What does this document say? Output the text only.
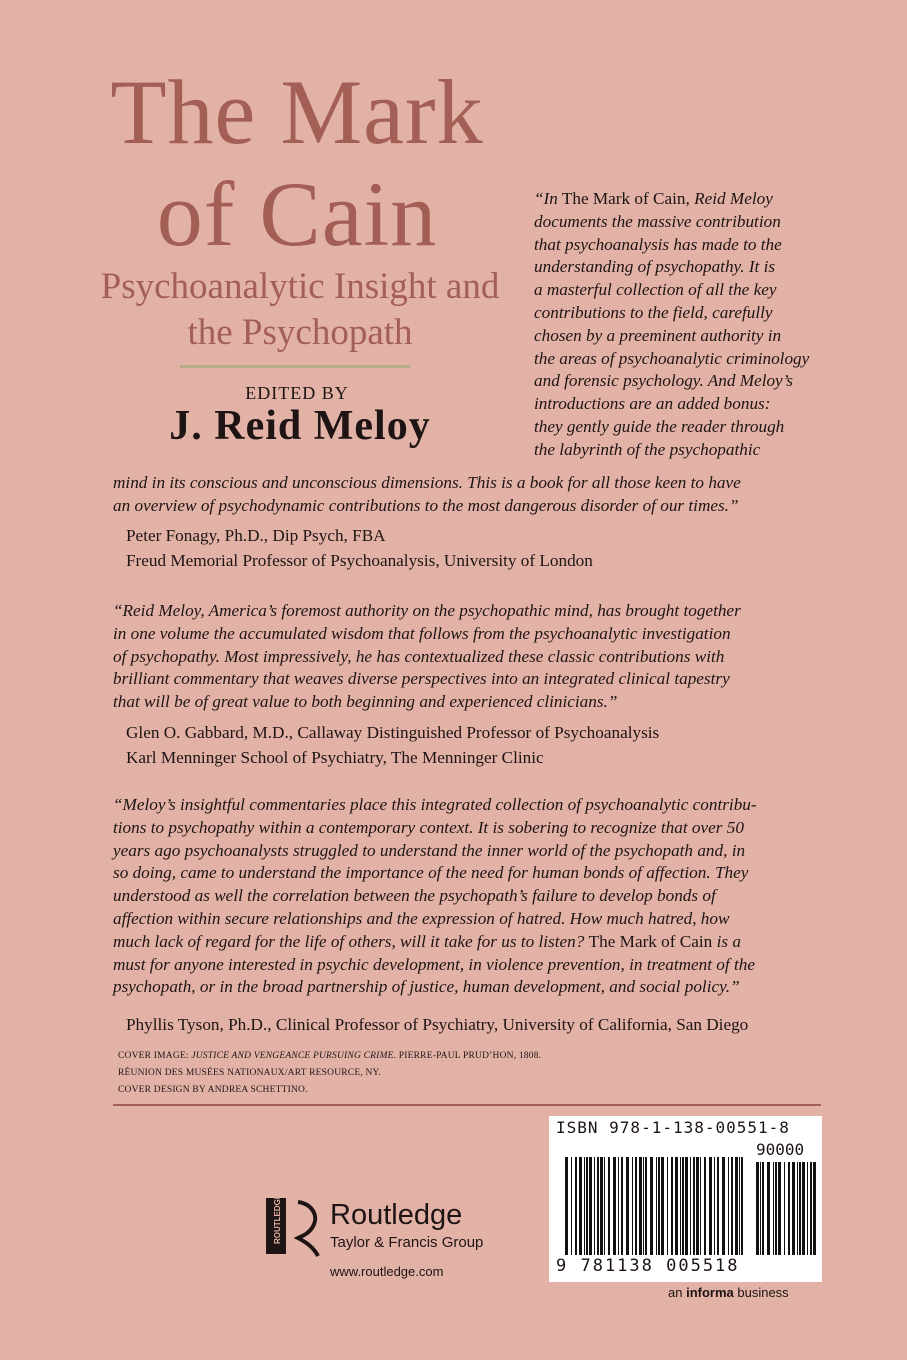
The Mark
of Cain
Psychoanalytic Insight and
the Psychopath
EDITED BY
J. Reid Meloy
“In The Mark of Cain, Reid Meloy
documents the massive contribution
that psychoanalysis has made to the
understanding of psychopathy. It is
a masterful collection of all the key
contributions to the field, carefully
chosen by a preeminent authority in
the areas of psychoanalytic criminology
and forensic psychology. And Meloy’s
introductions are an added bonus:
they gently guide the reader through
the labyrinth of the psychopathic
mind in its conscious and unconscious dimensions. This is a book for all those keen to have
an overview of psychodynamic contributions to the most dangerous disorder of our times.”
Peter Fonagy, Ph.D., Dip Psych, FBA
Freud Memorial Professor of Psychoanalysis, University of London
“Reid Meloy, America’s foremost authority on the psychopathic mind, has brought together
in one volume the accumulated wisdom that follows from the psychoanalytic investigation
of psychopathy. Most impressively, he has contextualized these classic contributions with
brilliant commentary that weaves diverse perspectives into an integrated clinical tapestry
that will be of great value to both beginning and experienced clinicians.”
Glen O. Gabbard, M.D., Callaway Distinguished Professor of Psychoanalysis
Karl Menninger School of Psychiatry, The Menninger Clinic
“Meloy’s insightful commentaries place this integrated collection of psychoanalytic contribu-
tions to psychopathy within a contemporary context. It is sobering to recognize that over 50
years ago psychoanalysts struggled to understand the inner world of the psychopath and, in
so doing, came to understand the importance of the need for human bonds of affection. They
understood as well the correlation between the psychopath’s failure to develop bonds of
affection within secure relationships and the expression of hatred. How much hatred, how
much lack of regard for the life of others, will it take for us to listen? The Mark of Cain is a
must for anyone interested in psychic development, in violence prevention, in treatment of the
psychopath, or in the broad partnership of justice, human development, and social policy.”
Phyllis Tyson, Ph.D., Clinical Professor of Psychiatry, University of California, San Diego
COVER IMAGE: JUSTICE AND VENGEANCE PURSUING CRIME. PIERRE-PAUL PRUD’HON, 1808.
RÉUNION DES MUSÉES NATIONAUX/ART RESOURCE, NY.
COVER DESIGN BY ANDREA SCHETTINO.
ISBN 978-1-138-00551-8
90000
9 781138 005518
ROUTLEDGE Routledge
Taylor & Francis Group
www.routledge.com
an informa business
